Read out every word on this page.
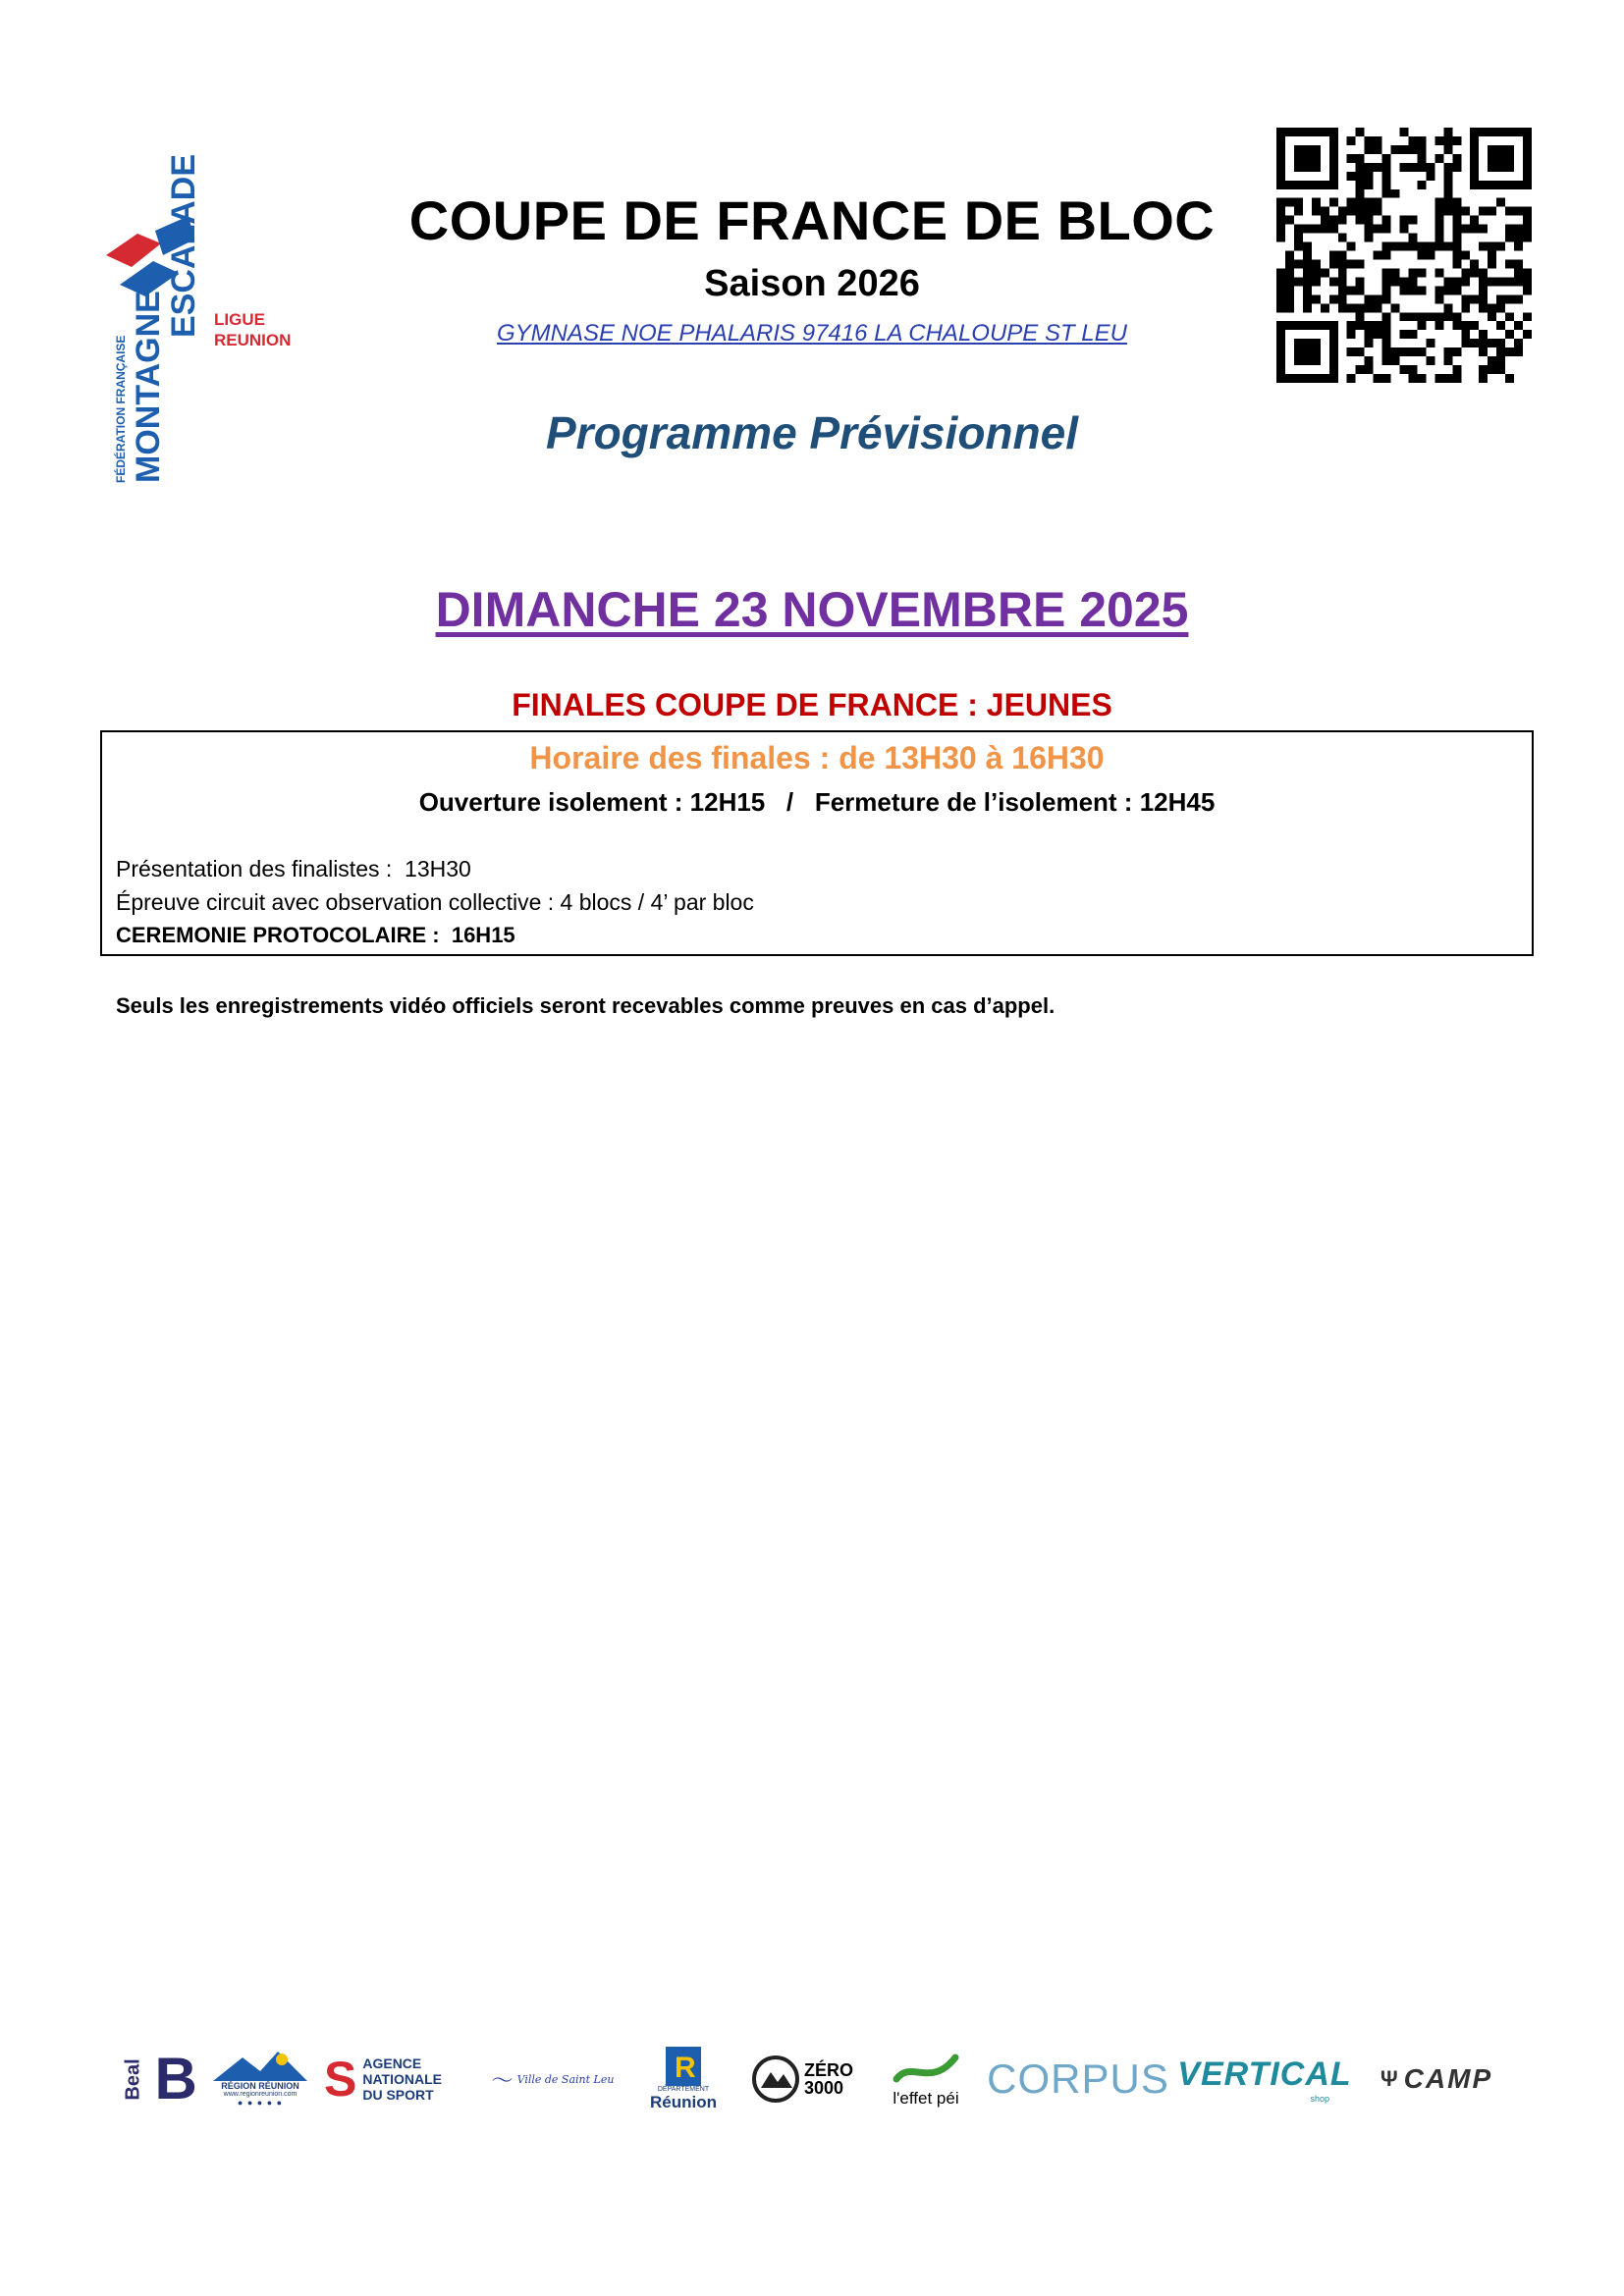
FÉDÉRATION FRANÇAISE MONTAGNE
ESCALADE LIGUE
REUNION
COUPE DE FRANCE DE BLOC
Saison 2026
GYMNASE NOE PHALARIS 97416 LA CHALOUPE ST LEU
Programme Prévisionnel
DIMANCHE 23 NOVEMBRE 2025
FINALES COUPE DE FRANCE : JEUNES
Horaire des finales : de 13H30 à 16H30
Ouverture isolement : 12H15   /   Fermeture de l’isolement : 12H45
Présentation des finalistes :  13H30
Épreuve circuit avec observation collective : 4 blocs / 4’ par bloc
CEREMONIE PROTOCOLAIRE :  16H15
Seuls les enregistrements vidéo officiels seront recevables comme preuves en cas d’appel.
Beal B	RÉGION RÉUNION
www.regionreunion.com
● ● ● ● ● S AGENCE
NATIONALE
DU SPORT
〜 Ville de Saint Leu R
DÉPARTEMENT
Réunion
ZÉRO
3000
l'effet péi CORPUS VERTICAL
shop
Ψ CAMP
